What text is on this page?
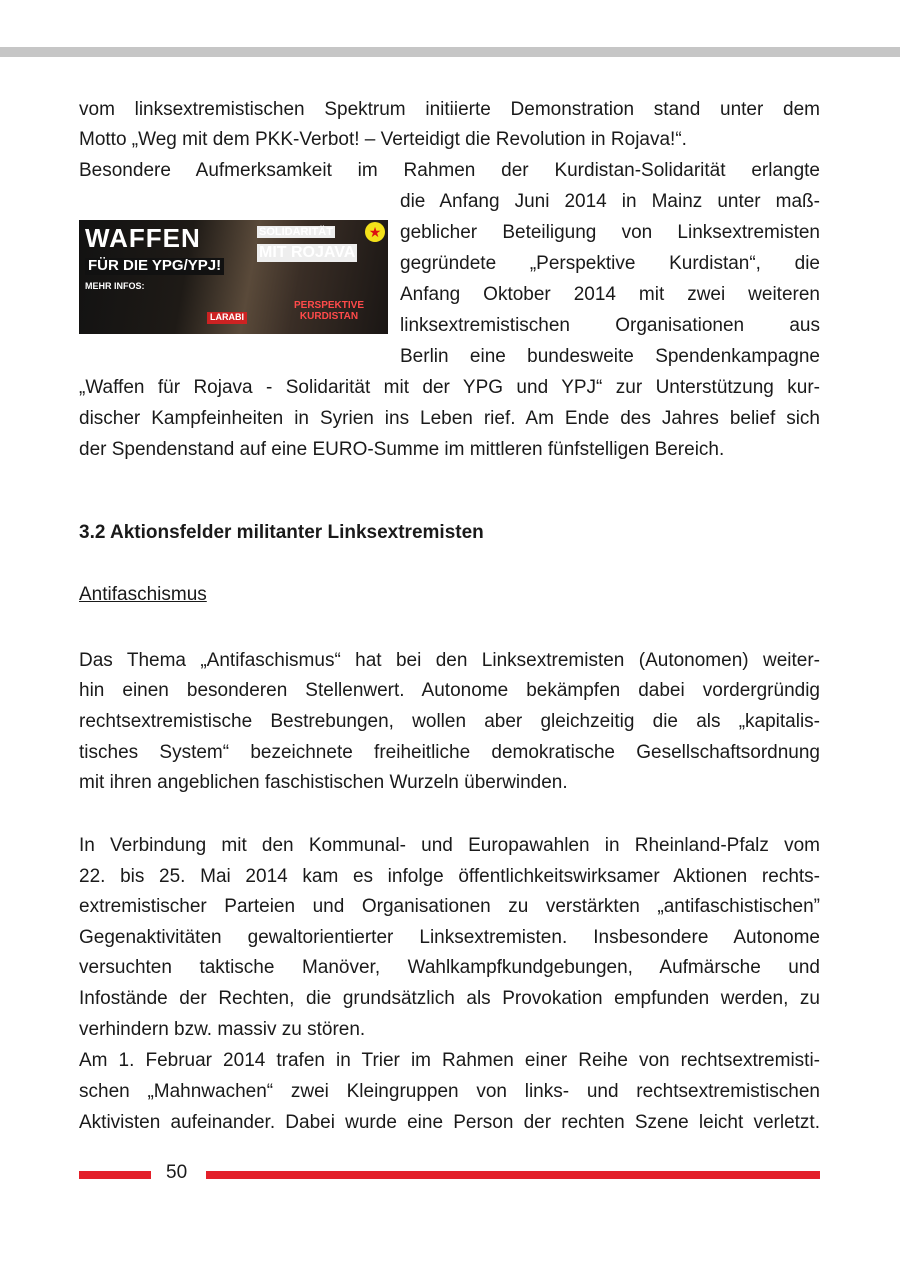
vom linksextremistischen Spektrum initiierte Demonstration stand unter dem
Motto „Weg mit dem PKK-Verbot! – Verteidigt die Revolution in Rojava!“.
Besondere Aufmerksamkeit im Rahmen der Kurdistan-Solidarität erlangte
WAFFEN
FÜR DIE YPG/YPJ!
MEHR INFOS:
SOLIDARITÄT
MIT ROJAVA
★
LARABI
PERSPEKTIVE KURDISTAN
die Anfang Juni 2014 in Mainz unter maß-
geblicher Beteiligung von Linksextremisten
gegründete „Perspektive Kurdistan“, die
Anfang Oktober 2014 mit zwei weiteren
linksextremistischen Organisationen aus
Berlin eine bundesweite Spendenkampagne
„Waffen für Rojava - Solidarität mit der YPG und YPJ“ zur Unterstützung kur-
discher Kampfeinheiten in Syrien ins Leben rief. Am Ende des Jahres belief sich
der Spendenstand auf eine EURO-Summe im mittleren fünfstelligen Bereich.
3.2 Aktionsfelder militanter Linksextremisten
Antifaschismus
Das Thema „Antifaschismus“ hat bei den Linksextremisten (Autonomen) weiter-
hin einen besonderen Stellenwert. Autonome bekämpfen dabei vordergründig
rechtsextremistische Bestrebungen, wollen aber gleichzeitig die als „kapitalis-
tisches System“ bezeichnete freiheitliche demokratische Gesellschaftsordnung
mit ihren angeblichen faschistischen Wurzeln überwinden.
In Verbindung mit den Kommunal- und Europawahlen in Rheinland-Pfalz vom
22. bis 25. Mai 2014 kam es infolge öffentlichkeitswirksamer Aktionen rechts-
extremistischer Parteien und Organisationen zu verstärkten „antifaschistischen”
Gegenaktivitäten gewaltorientierter Linksextremisten. Insbesondere Autonome
versuchten taktische Manöver, Wahlkampfkundgebungen, Aufmärsche und
Infostände der Rechten, die grundsätzlich als Provokation empfunden werden, zu
verhindern bzw. massiv zu stören.
Am 1. Februar 2014 trafen in Trier im Rahmen einer Reihe von rechtsextremisti-
schen „Mahnwachen“ zwei Kleingruppen von links- und rechtsextremistischen
Aktivisten aufeinander. Dabei wurde eine Person der rechten Szene leicht verletzt.
50
